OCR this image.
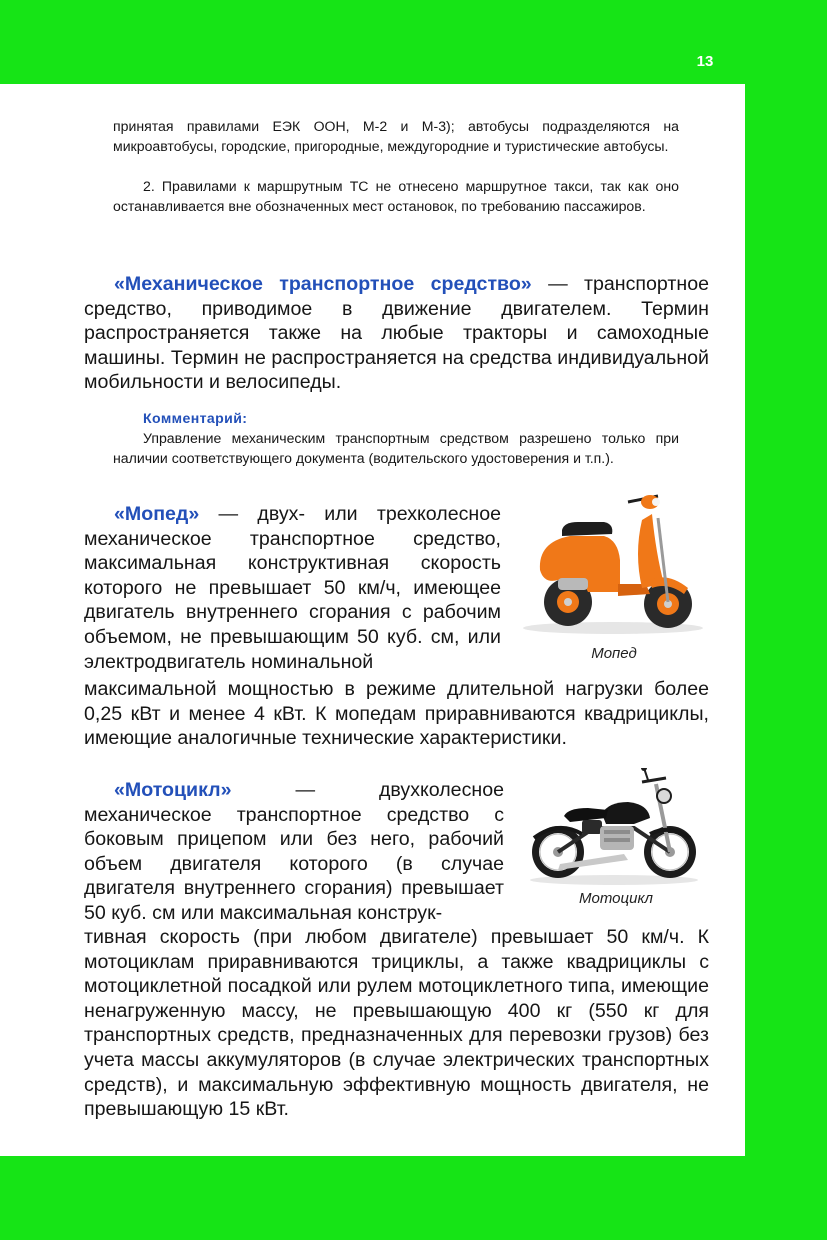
13

принятая правилами ЕЭК ООН, М-2 и М-3); автобусы подразделяются на микроавтобусы, городские, пригородные, междугородние и туристические автобусы.

2. Правилами к маршрутным ТС не отнесено маршрутное такси, так как оно останавливается вне обозначенных мест остановок, по требованию пассажиров.

«Механическое транспортное средство» — транспортное средство, приводимое в движение двигателем. Термин распространяется также на любые тракторы и самоходные машины. Термин не распространяется на средства индивидуальной мобильности и велосипеды.

Комментарий:

Управление механическим транспортным средством разрешено только при наличии соответствующего документа (водительского удостоверения и т.п.).

«Мопед» — двух- или трехколесное механическое транспортное средство, максимальная конструктивная скорость которого не превышает 50 км/ч, имеющее двигатель внутреннего сгорания с рабочим объемом, не превышающим 50 куб. см, или электродвигатель номинальной

максимальной мощностью в режиме длительной нагрузки более 0,25 кВт и менее 4 кВт. К мопедам приравниваются квадрициклы, имеющие аналогичные технические характеристики.

Мопед

«Мотоцикл» — двухколесное механическое транспортное средство с боковым прицепом или без него, рабочий объем двигателя которого (в случае двигателя внутреннего сгорания) превышает 50 куб. см или максимальная конструк-

тивная скорость (при любом двигателе) превышает 50 км/ч. К мотоциклам приравниваются трициклы, а также квадрициклы с мотоциклетной посадкой или рулем мотоциклетного типа, имеющие ненагруженную массу, не превышающую 400 кг (550 кг для транспортных средств, предназначенных для перевозки грузов) без учета массы аккумуляторов (в случае электрических транспортных средств), и максимальную эффективную мощность двигателя, не превышающую 15 кВт.

Мотоцикл
